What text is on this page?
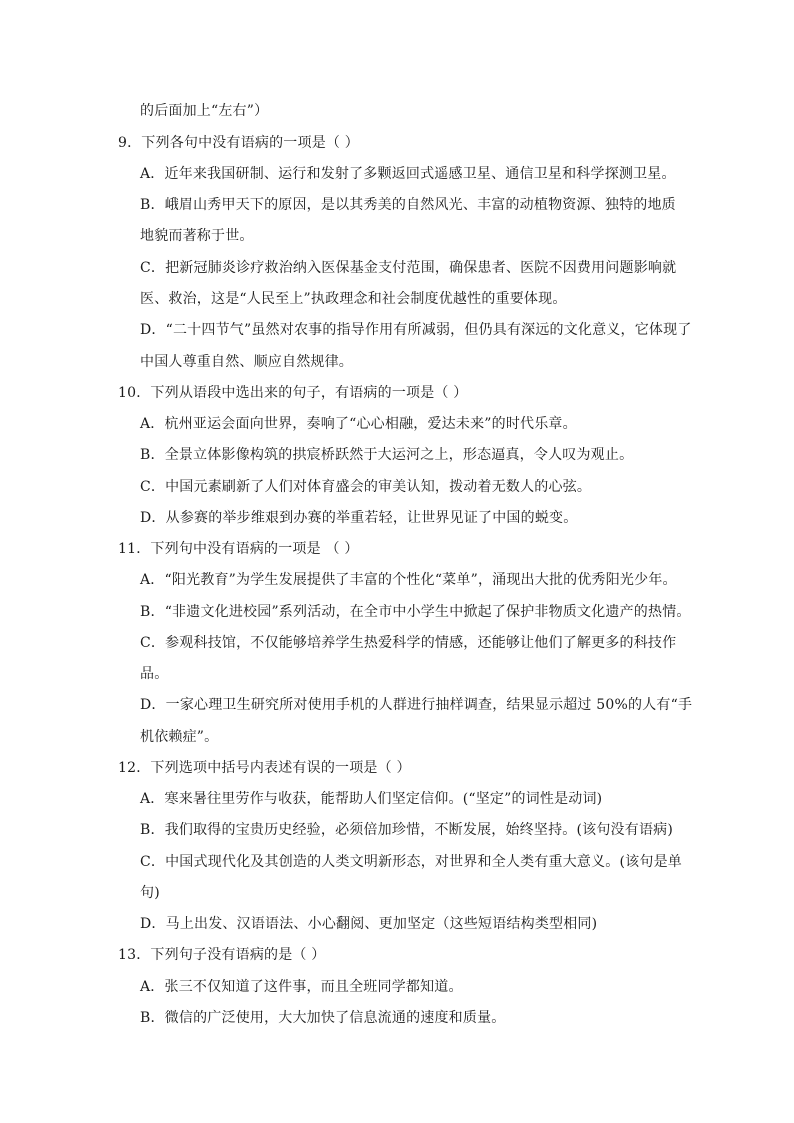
的后面加上“左右”）
9．下列各句中没有语病的一项是（ ）
A．近年来我国研制、运行和发射了多颗返回式遥感卫星、通信卫星和科学探测卫星。
B．峨眉山秀甲天下的原因，是以其秀美的自然风光、丰富的动植物资源、独特的地质
地貌而著称于世。
C．把新冠肺炎诊疗救治纳入医保基金支付范围，确保患者、医院不因费用问题影响就
医、救治，这是“人民至上”执政理念和社会制度优越性的重要体现。
D．“二十四节气”虽然对农事的指导作用有所减弱，但仍具有深远的文化意义，它体现了
中国人尊重自然、顺应自然规律。
10．下列从语段中选出来的句子，有语病的一项是（ ）
A．杭州亚运会面向世界，奏响了“心心相融，爱达未来”的时代乐章。
B．全景立体影像构筑的拱宸桥跃然于大运河之上，形态逼真，令人叹为观止。
C．中国元素刷新了人们对体育盛会的审美认知，拨动着无数人的心弦。
D．从参赛的举步维艰到办赛的举重若轻，让世界见证了中国的蜕变。
11．下列句中没有语病的一项是 （ ）
A．“阳光教育”为学生发展提供了丰富的个性化“菜单”，涌现出大批的优秀阳光少年。
B．“非遗文化进校园”系列活动，在全市中小学生中掀起了保护非物质文化遗产的热情。
C．参观科技馆，不仅能够培养学生热爱科学的情感，还能够让他们了解更多的科技作
品。
D．一家心理卫生研究所对使用手机的人群进行抽样调查，结果显示超过 50%的人有“手
机依赖症”。
12．下列选项中括号内表述有误的一项是（ ）
A．寒来暑往里劳作与收获，能帮助人们坚定信仰。(“坚定”的词性是动词)
B．我们取得的宝贵历史经验，必须倍加珍惜，不断发展，始终坚持。(该句没有语病)
C．中国式现代化及其创造的人类文明新形态，对世界和全人类有重大意义。(该句是单
句)
D．马上出发、汉语语法、小心翻阅、更加坚定（这些短语结构类型相同)
13．下列句子没有语病的是（ ）
A．张三不仅知道了这件事，而且全班同学都知道。
B．微信的广泛使用，大大加快了信息流通的速度和质量。
